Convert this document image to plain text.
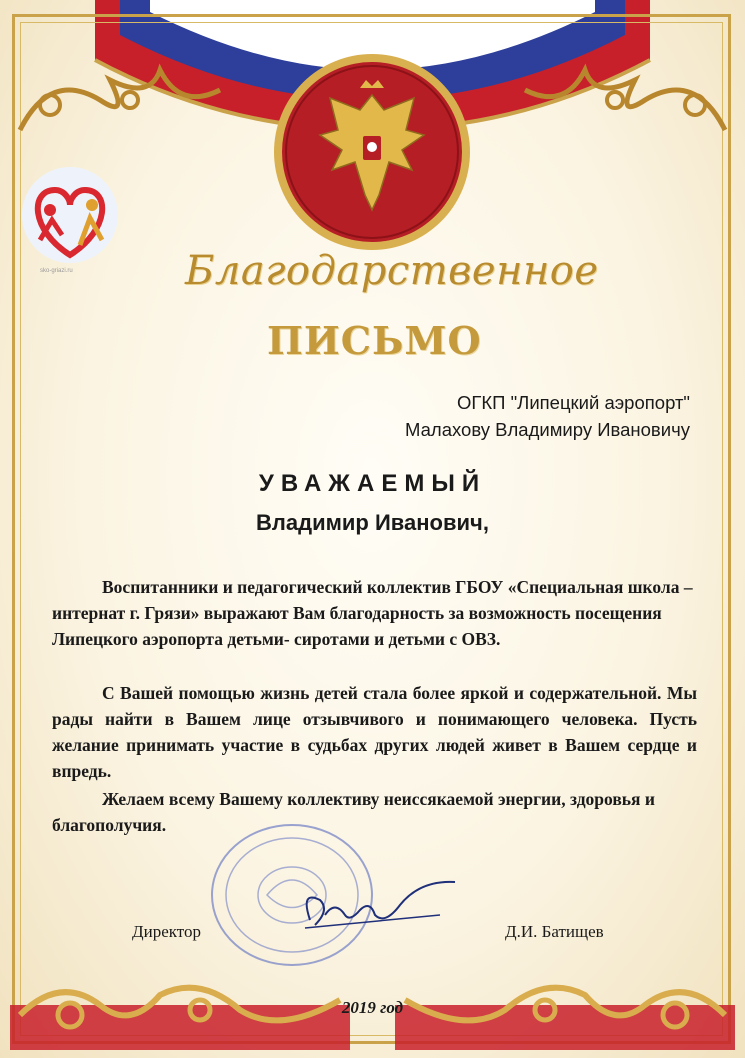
sko-griazi.ru	Благодарственное
ПИСЬМО
ОГКП "Липецкий аэропорт"
Малахову Владимиру Ивановичу
УВАЖАЕМЫЙ
Владимир Иванович,

Воспитанники и педагогический коллектив ГБОУ «Специальная школа – интернат г. Грязи» выражают Вам благодарность за возможность посещения Липецкого аэропорта детьми- сиротами и детьми с ОВЗ.

С Вашей помощью жизнь детей стала более яркой и содержательной. Мы рады найти в Вашем лице отзывчивого и понимающего человека. Пусть желание принимать участие в судьбах других людей живет в Вашем сердце и впредь.

Желаем всему Вашему коллективу неиссякаемой энергии, здоровья и благополучия.

Директор	Д.И. Батищев
2019 год
